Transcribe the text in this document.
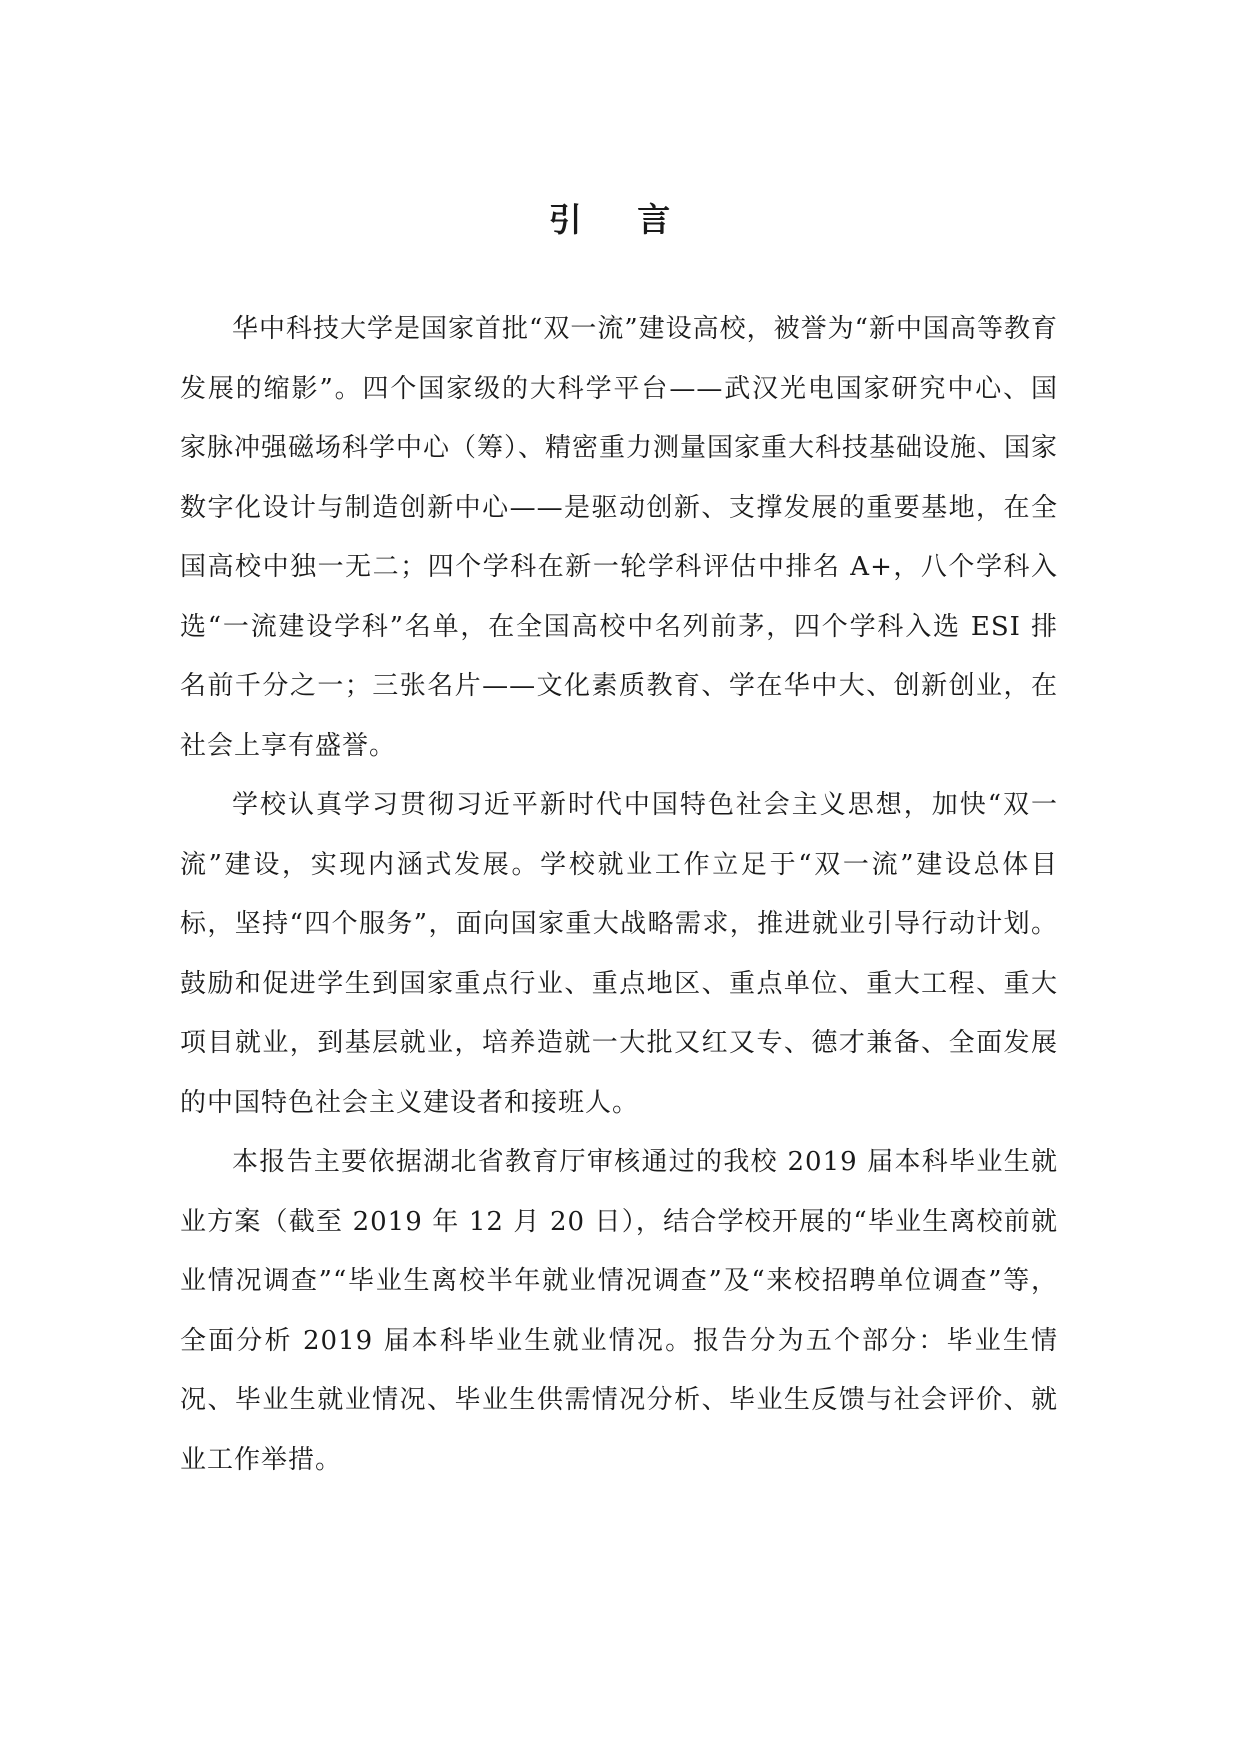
引 言

华中科技大学是国家首批“双一流”建设高校，被誉为“新中国高等教育发展的缩影”。四个国家级的大科学平台——武汉光电国家研究中心、国家脉冲强磁场科学中心（筹）、精密重力测量国家重大科技基础设施、国家数字化设计与制造创新中心——是驱动创新、支撑发展的重要基地，在全国高校中独一无二；四个学科在新一轮学科评估中排名 A+，八个学科入选“一流建设学科”名单，在全国高校中名列前茅，四个学科入选 ESI 排名前千分之一；三张名片——文化素质教育、学在华中大、创新创业，在社会上享有盛誉。

学校认真学习贯彻习近平新时代中国特色社会主义思想，加快“双一流”建设，实现内涵式发展。学校就业工作立足于“双一流”建设总体目标，坚持“四个服务”，面向国家重大战略需求，推进就业引导行动计划。鼓励和促进学生到国家重点行业、重点地区、重点单位、重大工程、重大项目就业，到基层就业，培养造就一大批又红又专、德才兼备、全面发展的中国特色社会主义建设者和接班人。

本报告主要依据湖北省教育厅审核通过的我校 2019 届本科毕业生就业方案（截至 2019 年 12 月 20 日），结合学校开展的“毕业生离校前就业情况调查”“毕业生离校半年就业情况调查”及“来校招聘单位调查”等，全面分析 2019 届本科毕业生就业情况。报告分为五个部分：毕业生情况、毕业生就业情况、毕业生供需情况分析、毕业生反馈与社会评价、就业工作举措。
